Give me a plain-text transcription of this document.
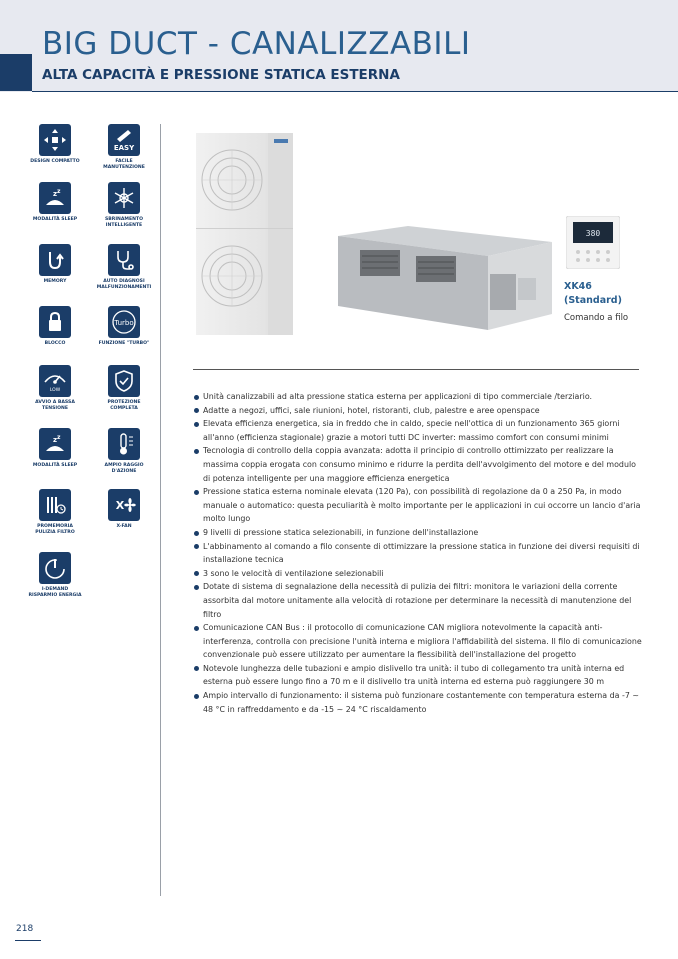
BIG DUCT - CANALIZZABILI
ALTA CAPACITÀ E PRESSIONE STATICA ESTERNA
DESIGN COMPATTO
EASY
FACILE MANUTENZIONE
z z
MODALITÀ SLEEP	SBRINAMENTO INTELLIGENTE
MEMORY	AUTO DIAGNOSI MALFUNZIONAMENTI
BLOCCO
Turbo
FUNZIONE "TURBO"
LOW
AVVIO A BASSA TENSIONE
PROTEZIONE COMPLETA
z z
MODALITÀ SLEEP	AMPIO RAGGIO D'AZIONE
PROMEMORIA PULIZIA FILTRO
X
X-FAN
I-DEMAND RISPARMIO ENERGIA
380
XK46
(Standard)
Comando a filo
Unità canalizzabili ad alta pressione statica esterna per applicazioni di tipo commerciale /terziario.
Adatte a negozi, uffici, sale riunioni, hotel, ristoranti, club, palestre e aree openspace
Elevata efficienza energetica, sia in freddo che in caldo, specie nell'ottica di un funzionamento 365 giorni all'anno (efficienza stagionale) grazie a motori tutti DC inverter: massimo comfort con consumi minimi
Tecnologia di controllo della coppia avanzata: adotta il principio di controllo ottimizzato per realizzare la massima coppia erogata con consumo minimo e ridurre la perdita dell'avvolgimento del motore e del modulo di potenza intelligente per una maggiore efficienza energetica
Pressione statica esterna nominale elevata (120 Pa), con possibilità di regolazione da 0 a 250 Pa, in modo manuale o automatico: questa peculiarità è molto importante per le applicazioni in cui occorre un lancio d'aria molto lungo
9 livelli di pressione statica selezionabili, in funzione dell'installazione
L'abbinamento al comando a filo consente di ottimizzare la pressione statica in funzione dei diversi requisiti di installazione tecnica
3 sono le velocità di ventilazione selezionabili
Dotate di sistema di segnalazione della necessità di pulizia dei filtri: monitora le variazioni della corrente assorbita dal motore unitamente alla velocità di rotazione per determinare la necessità di manutenzione del filtro
Comunicazione CAN Bus : il protocollo di comunicazione CAN migliora notevolmente la capacità anti-interferenza, controlla con precisione l'unità interna e migliora l'affidabilità del sistema. Il filo di comunicazione convenzionale può essere utilizzato per aumentare la flessibilità dell'installazione del progetto
Notevole lunghezza delle tubazioni e ampio dislivello tra unità: il tubo di collegamento tra unità interna ed esterna può essere lungo fino a 70 m e il dislivello tra unità interna ed esterna può raggiungere 30 m
Ampio intervallo di funzionamento: il sistema può funzionare costantemente con temperatura esterna da -7 ~ 48 °C in raffreddamento e da -15 ~ 24 °C riscaldamento
218
